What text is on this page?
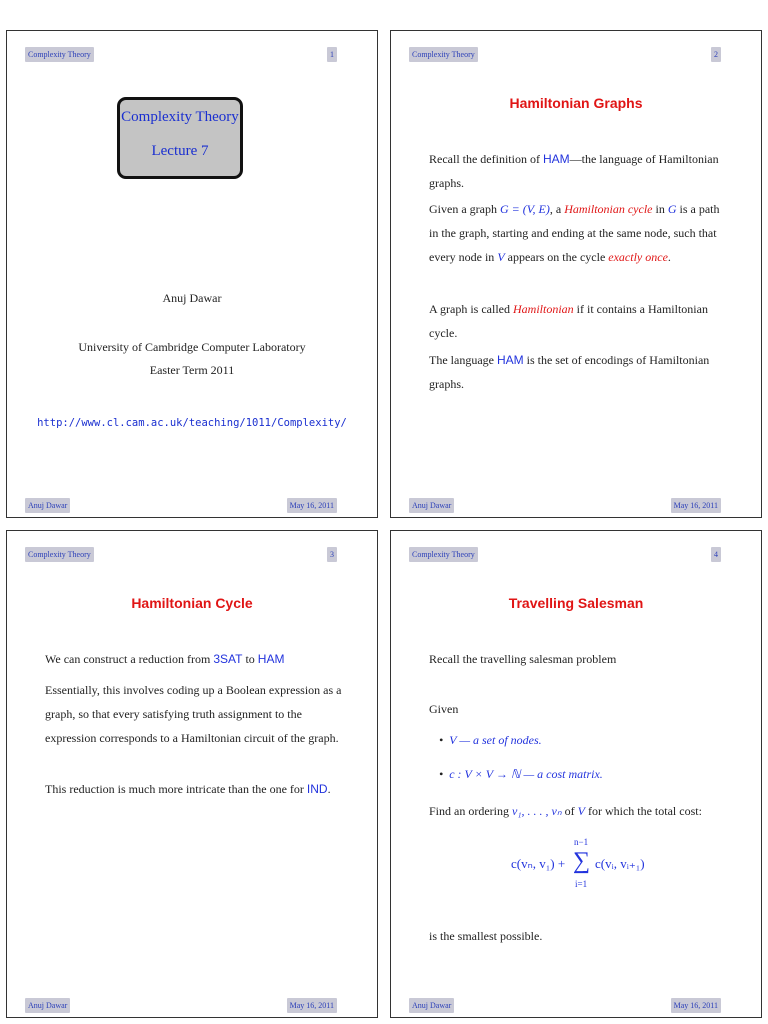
Complexity Theory	1
Complexity Theory
Lecture 7
Anuj Dawar
University of Cambridge Computer Laboratory
Easter Term 2011
http://www.cl.cam.ac.uk/teaching/1011/Complexity/
Anuj Dawar	May 16, 2011
Complexity Theory	2
Hamiltonian Graphs
Recall the definition of HAM—the language of Hamiltonian graphs.
Given a graph G = (V, E), a Hamiltonian cycle in G is a path in the graph, starting and ending at the same node, such that every node in V appears on the cycle exactly once.
A graph is called Hamiltonian if it contains a Hamiltonian cycle.
The language HAM is the set of encodings of Hamiltonian graphs.
Anuj Dawar	May 16, 2011
Complexity Theory	3
Hamiltonian Cycle
We can construct a reduction from 3SAT to HAM
Essentially, this involves coding up a Boolean expression as a graph, so that every satisfying truth assignment to the expression corresponds to a Hamiltonian circuit of the graph.
This reduction is much more intricate than the one for IND.
Anuj Dawar	May 16, 2011
Complexity Theory	4
Travelling Salesman
Recall the travelling salesman problem
Given
• V — a set of nodes.
• c : V × V → ℕ — a cost matrix.
Find an ordering v₁, . . . , vₙ of V for which the total cost:
c(vₙ, v₁) +
n−1
∑
i=1
c(vᵢ, vᵢ₊₁)
is the smallest possible.
Anuj Dawar	May 16, 2011
